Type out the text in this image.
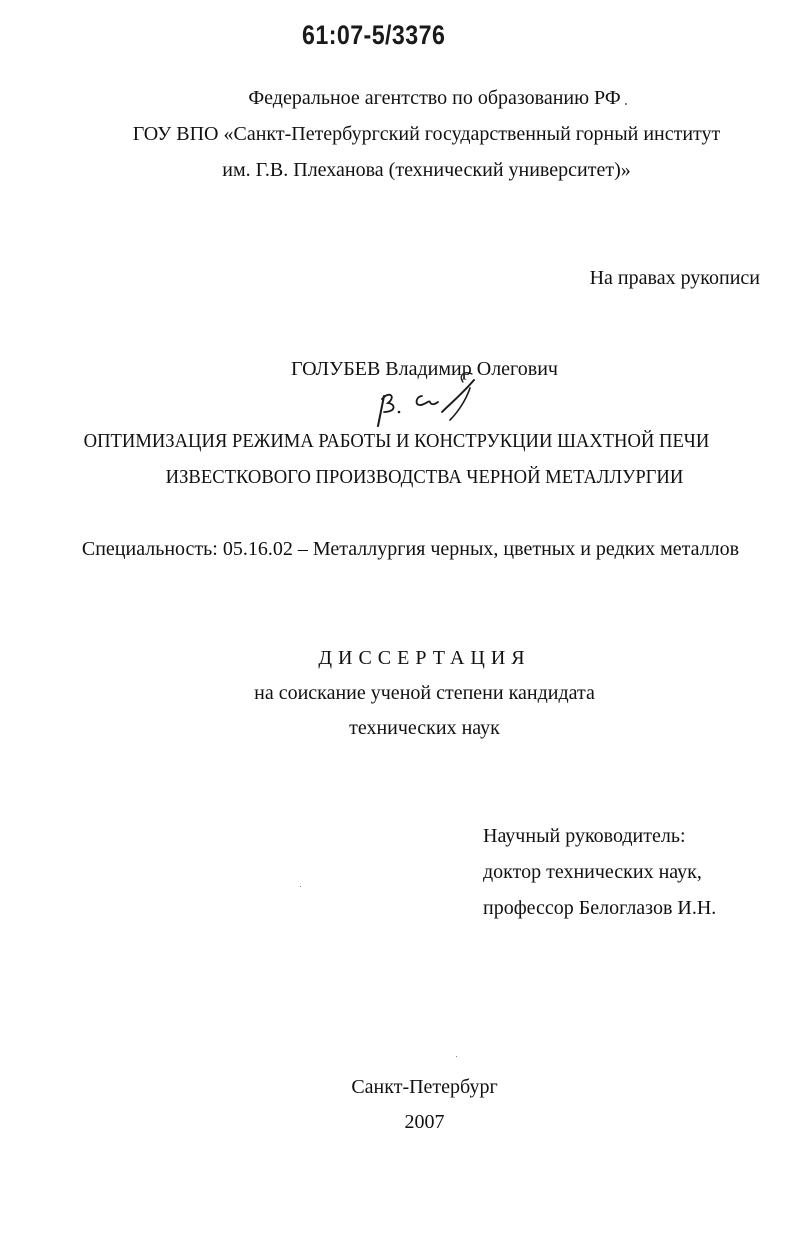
61:07-5/3376
Федеральное агентство по образованию РФ
ГОУ ВПО «Санкт-Петербургский государственный горный институт
им. Г.В. Плеханова (технический университет)»
На правах рукописи
ГОЛУБЕВ Владимир Олегович
ОПТИМИЗАЦИЯ РЕЖИМА РАБОТЫ И КОНСТРУКЦИИ ШАХТНОЙ ПЕЧИ
ИЗВЕСТКОВОГО ПРОИЗВОДСТВА ЧЕРНОЙ МЕТАЛЛУРГИИ
Специальность: 05.16.02 – Металлургия черных, цветных и редких металлов
ДИССЕРТАЦИЯ
на соискание ученой степени кандидата
технических наук
Научный руководитель:
доктор технических наук,
профессор Белоглазов И.Н.
Санкт-Петербург
2007
